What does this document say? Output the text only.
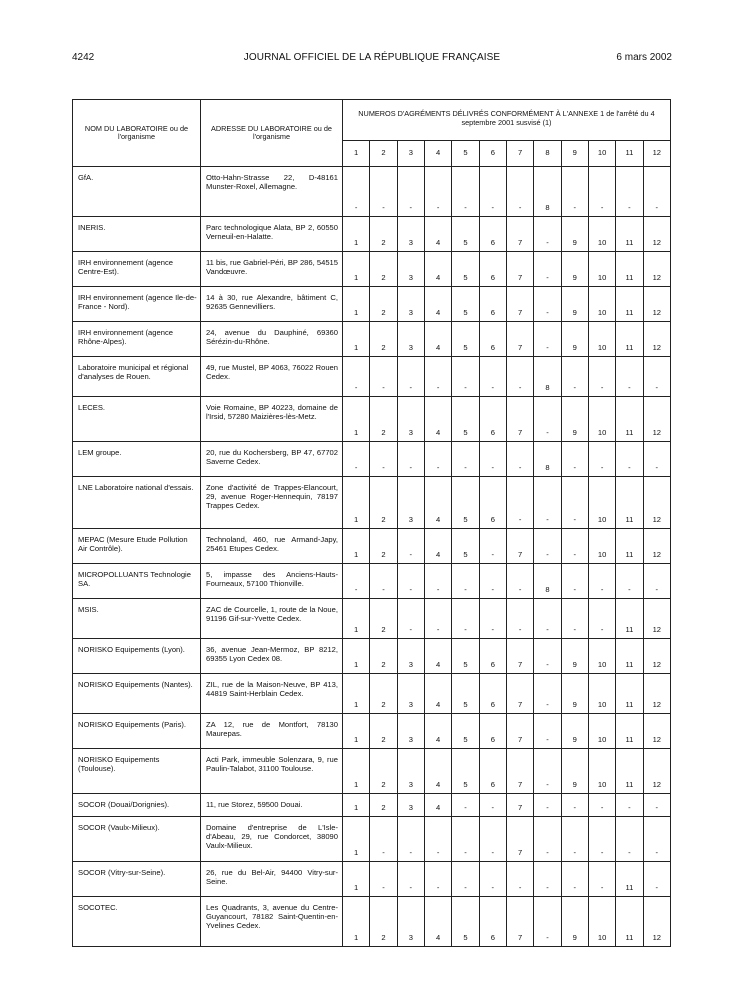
4242	JOURNAL OFFICIEL DE LA RÉPUBLIQUE FRANÇAISE	6 mars 2002
NOM DU LABORATOIRE ou de l'organisme	ADRESSE DU LABORATOIRE ou de l'organisme	NUMEROS D'AGRÉMENTS DÉLIVRÉS CONFORMÉMENT À L'ANNEXE 1 de l'arrêté du 4 septembre 2001 susvisé (1)											
		1	2	3	4	5	6	7	8	9	10	11	12
GfA.	Otto-Hahn-Strasse 22, D-48161 Munster-Roxel, Allemagne.	-	-	-	-	-	-	-	8	-	-	-	-
INERIS.	Parc technologique Alata, BP 2, 60550 Verneuil-en-Halatte.	1	2	3	4	5	6	7	-	9	10	11	12
IRH environnement (agence Centre-Est).	11 bis, rue Gabriel-Péri, BP 286, 54515 Vandœuvre.	1	2	3	4	5	6	7	-	9	10	11	12
IRH environnement (agence Ile-de-France - Nord).	14 à 30, rue Alexandre, bâtiment C, 92635 Gennevilliers.	1	2	3	4	5	6	7	-	9	10	11	12
IRH environnement (agence Rhône-Alpes).	24, avenue du Dauphiné, 69360 Sérézin-du-Rhône.	1	2	3	4	5	6	7	-	9	10	11	12
Laboratoire municipal et régional d'analyses de Rouen.	49, rue Mustel, BP 4063, 76022 Rouen Cedex.	-	-	-	-	-	-	-	8	-	-	-	-
LECES.	Voie Romaine, BP 40223, domaine de l'Irsid, 57280 Maizières-lès-Metz.	1	2	3	4	5	6	7	-	9	10	11	12
LEM groupe.	20, rue du Kochersberg, BP 47, 67702 Saverne Cedex.	-	-	-	-	-	-	-	8	-	-	-	-
LNE Laboratoire national d'essais.	Zone d'activité de Trappes-Elancourt, 29, avenue Roger-Hennequin, 78197 Trappes Cedex.	1	2	3	4	5	6	-	-	-	10	11	12
MEPAC (Mesure Etude Pollution Air Contrôle).	Technoland, 460, rue Armand-Japy, 25461 Etupes Cedex.	1	2	-	4	5	-	7	-	-	10	11	12
MICROPOLLUANTS Technologie SA.	5, impasse des Anciens-Hauts-Fourneaux, 57100 Thionville.	-	-	-	-	-	-	-	8	-	-	-	-
MSIS.	ZAC de Courcelle, 1, route de la Noue, 91196 Gif-sur-Yvette Cedex.	1	2	-	-	-	-	-	-	-	-	11	12
NORISKO Equipements (Lyon).	36, avenue Jean-Mermoz, BP 8212, 69355 Lyon Cedex 08.	1	2	3	4	5	6	7	-	9	10	11	12
NORISKO Equipements (Nantes).	ZIL, rue de la Maison-Neuve, BP 413, 44819 Saint-Herblain Cedex.	1	2	3	4	5	6	7	-	9	10	11	12
NORISKO Equipements (Paris).	ZA 12, rue de Montfort, 78130 Maurepas.	1	2	3	4	5	6	7	-	9	10	11	12
NORISKO Equipements (Toulouse).	Acti Park, immeuble Solenzara, 9, rue Paulin-Talabot, 31100 Toulouse.	1	2	3	4	5	6	7	-	9	10	11	12
SOCOR (Douai/Dorignies).	11, rue Storez, 59500 Douai.	1	2	3	4	-	-	7	-	-	-	-	-
SOCOR (Vaulx-Milieux).	Domaine d'entreprise de L'Isle-d'Abeau, 29, rue Condorcet, 38090 Vaulx-Milieux.	1	-	-	-	-	-	7	-	-	-	-	-
SOCOR (Vitry-sur-Seine).	26, rue du Bel-Air, 94400 Vitry-sur-Seine.	1	-	-	-	-	-	-	-	-	-	11	-
SOCOTEC.	Les Quadrants, 3, avenue du Centre-Guyancourt, 78182 Saint-Quentin-en-Yvelines Cedex.	1	2	3	4	5	6	7	-	9	10	11	12
